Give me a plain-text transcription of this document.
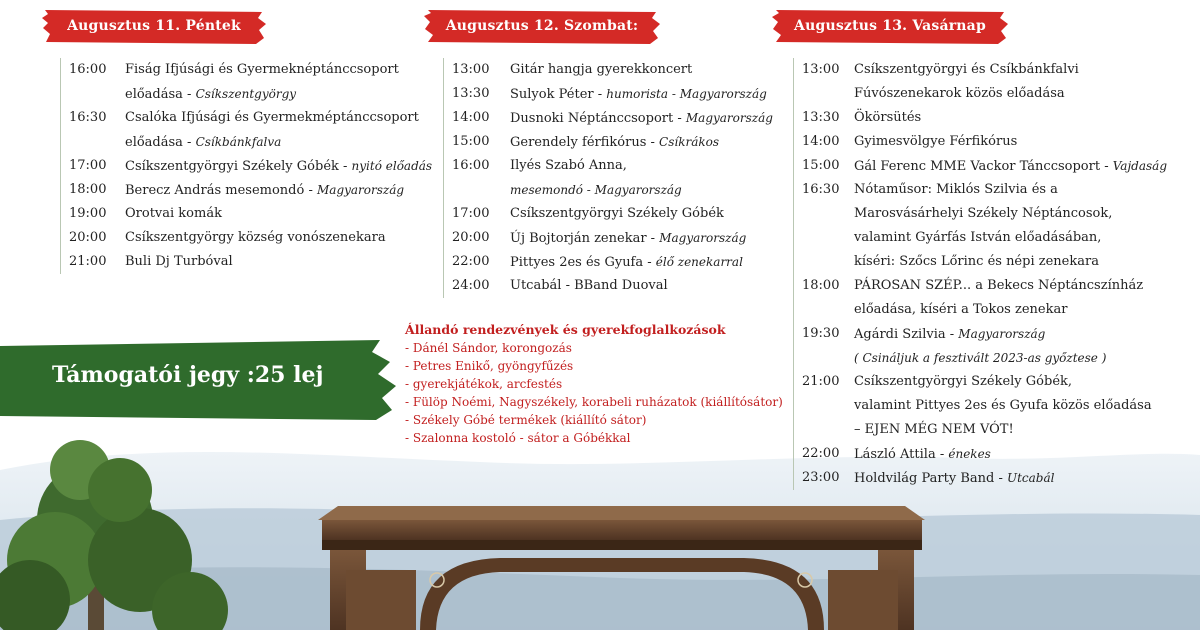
Augusztus 11. Péntek	Augusztus 12. Szombat:	Augusztus 13. Vasárnap
16:00	Fiság Ifjúsági és Gyermeknéptánccsoport
előadása - Csíkszentgyörgy
16:30	Csalóka Ifjúsági és Gyermekméptánccsoport
előadása - Csíkbánkfalva
17:00	Csíkszentgyörgyi Székely Góbék - nyitó előadás
18:00	Berecz András mesemondó - Magyarország
19:00	Orotvai komák
20:00	Csíkszentgyörgy község vonószenekara
21:00	Buli Dj Turbóval
13:00	Gitár hangja gyerekkoncert
13:30	Sulyok Péter - humorista - Magyarország
14:00	Dusnoki Néptánccsoport - Magyarország
15:00	Gerendely férfikórus - Csíkrákos
16:00	Ilyés Szabó Anna,
mesemondó - Magyarország
17:00	Csíkszentgyörgyi Székely Góbék
20:00	Új Bojtorján zenekar - Magyarország
22:00	Pittyes 2es és Gyufa - élő zenekarral
24:00	Utcabál - BBand Duoval
13:00	Csíkszentgyörgyi és Csíkbánkfalvi
Fúvószenekarok közös előadása
13:30	Ökörsütés
14:00	Gyimesvölgye Férfikórus
15:00	Gál Ferenc MME Vackor Tánccsoport - Vajdaság
16:30	Nótaműsor: Miklós Szilvia és a
Marosvásárhelyi Székely Néptáncosok,
valamint Gyárfás István előadásában,
kíséri: Szőcs Lőrinc és népi zenekara
18:00	PÁROSAN SZÉP... a Bekecs Néptáncszínház
előadása, kíséri a Tokos zenekar
19:30	Agárdi Szilvia - Magyarország
( Csináljuk a fesztivált 2023-as győztese )
21:00	Csíkszentgyörgyi Székely Góbék,
valamint Pittyes 2es és Gyufa közös előadása
– EJEN MÉG NEM VÓT!
22:00	László Attila - énekes
23:00	Holdvilág Party Band - Utcabál
Állandó rendezvények és gyerekfoglalkozások
- Dánél Sándor, korongozás
- Petres Enikő, gyöngyfűzés
- gyerekjátékok, arcfestés
- Fülöp Noémi, Nagyszékely, korabeli ruházatok (kiállítósátor)
- Székely Góbé termékek (kiállító sátor)
- Szalonna kostoló - sátor a Góbékkal
Támogatói jegy :25 lej
